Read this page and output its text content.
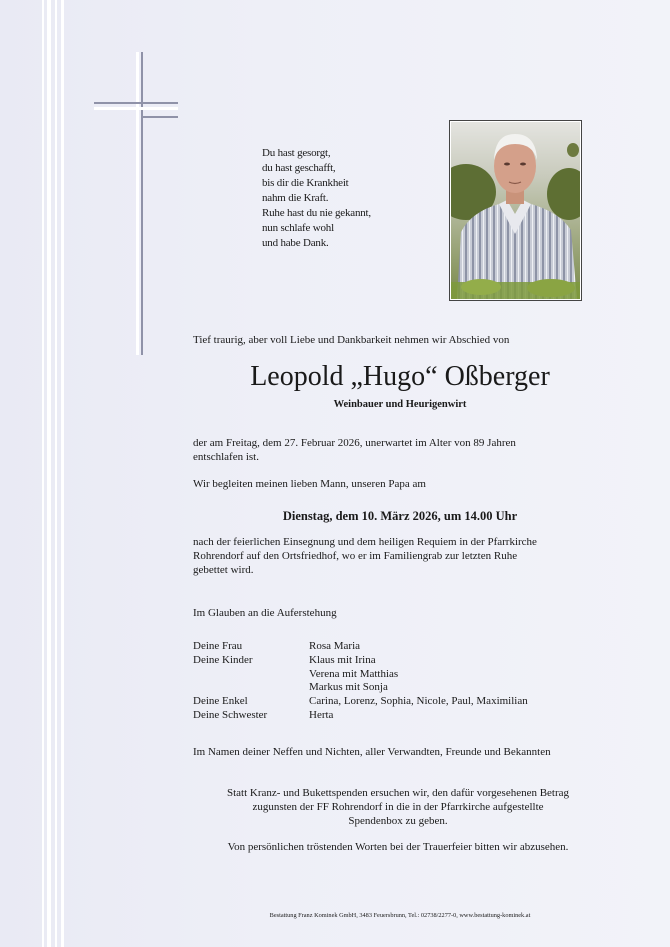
Du hast gesorgt,
du hast geschafft,
bis dir die Krankheit
nahm die Kraft.
Ruhe hast du nie gekannt,
nun schlafe wohl
und habe Dank.
Tief traurig, aber voll Liebe und Dankbarkeit nehmen wir Abschied von
Leopold „Hugo“ Oßberger
Weinbauer und Heurigenwirt
der am Freitag, dem 27. Februar 2026, unerwartet im Alter von 89 Jahren
entschlafen ist.
Wir begleiten meinen lieben Mann, unseren Papa am
Dienstag, dem 10. März 2026, um 14.00 Uhr
nach der feierlichen Einsegnung und dem heiligen Requiem in der Pfarrkirche
Rohrendorf auf den Ortsfriedhof, wo er im Familiengrab zur letzten Ruhe
gebettet wird.
Im Glauben an die Auferstehung
Deine Frau	Rosa Maria
Deine Kinder	Klaus mit Irina
Verena mit Matthias
Markus mit Sonja
Deine Enkel	Carina, Lorenz, Sophia, Nicole, Paul, Maximilian
Deine Schwester	Herta
Im Namen deiner Neffen und Nichten, aller Verwandten, Freunde und Bekannten
Statt Kranz- und Bukettspenden ersuchen wir, den dafür vorgesehenen Betrag
zugunsten der FF Rohrendorf in die in der Pfarrkirche aufgestellte
Spendenbox zu geben.
Von persönlichen tröstenden Worten bei der Trauerfeier bitten wir abzusehen.
Bestattung Franz Kominek GmbH, 3483 Feuersbrunn, Tel.: 02738/2277-0, www.bestattung-kominek.at
